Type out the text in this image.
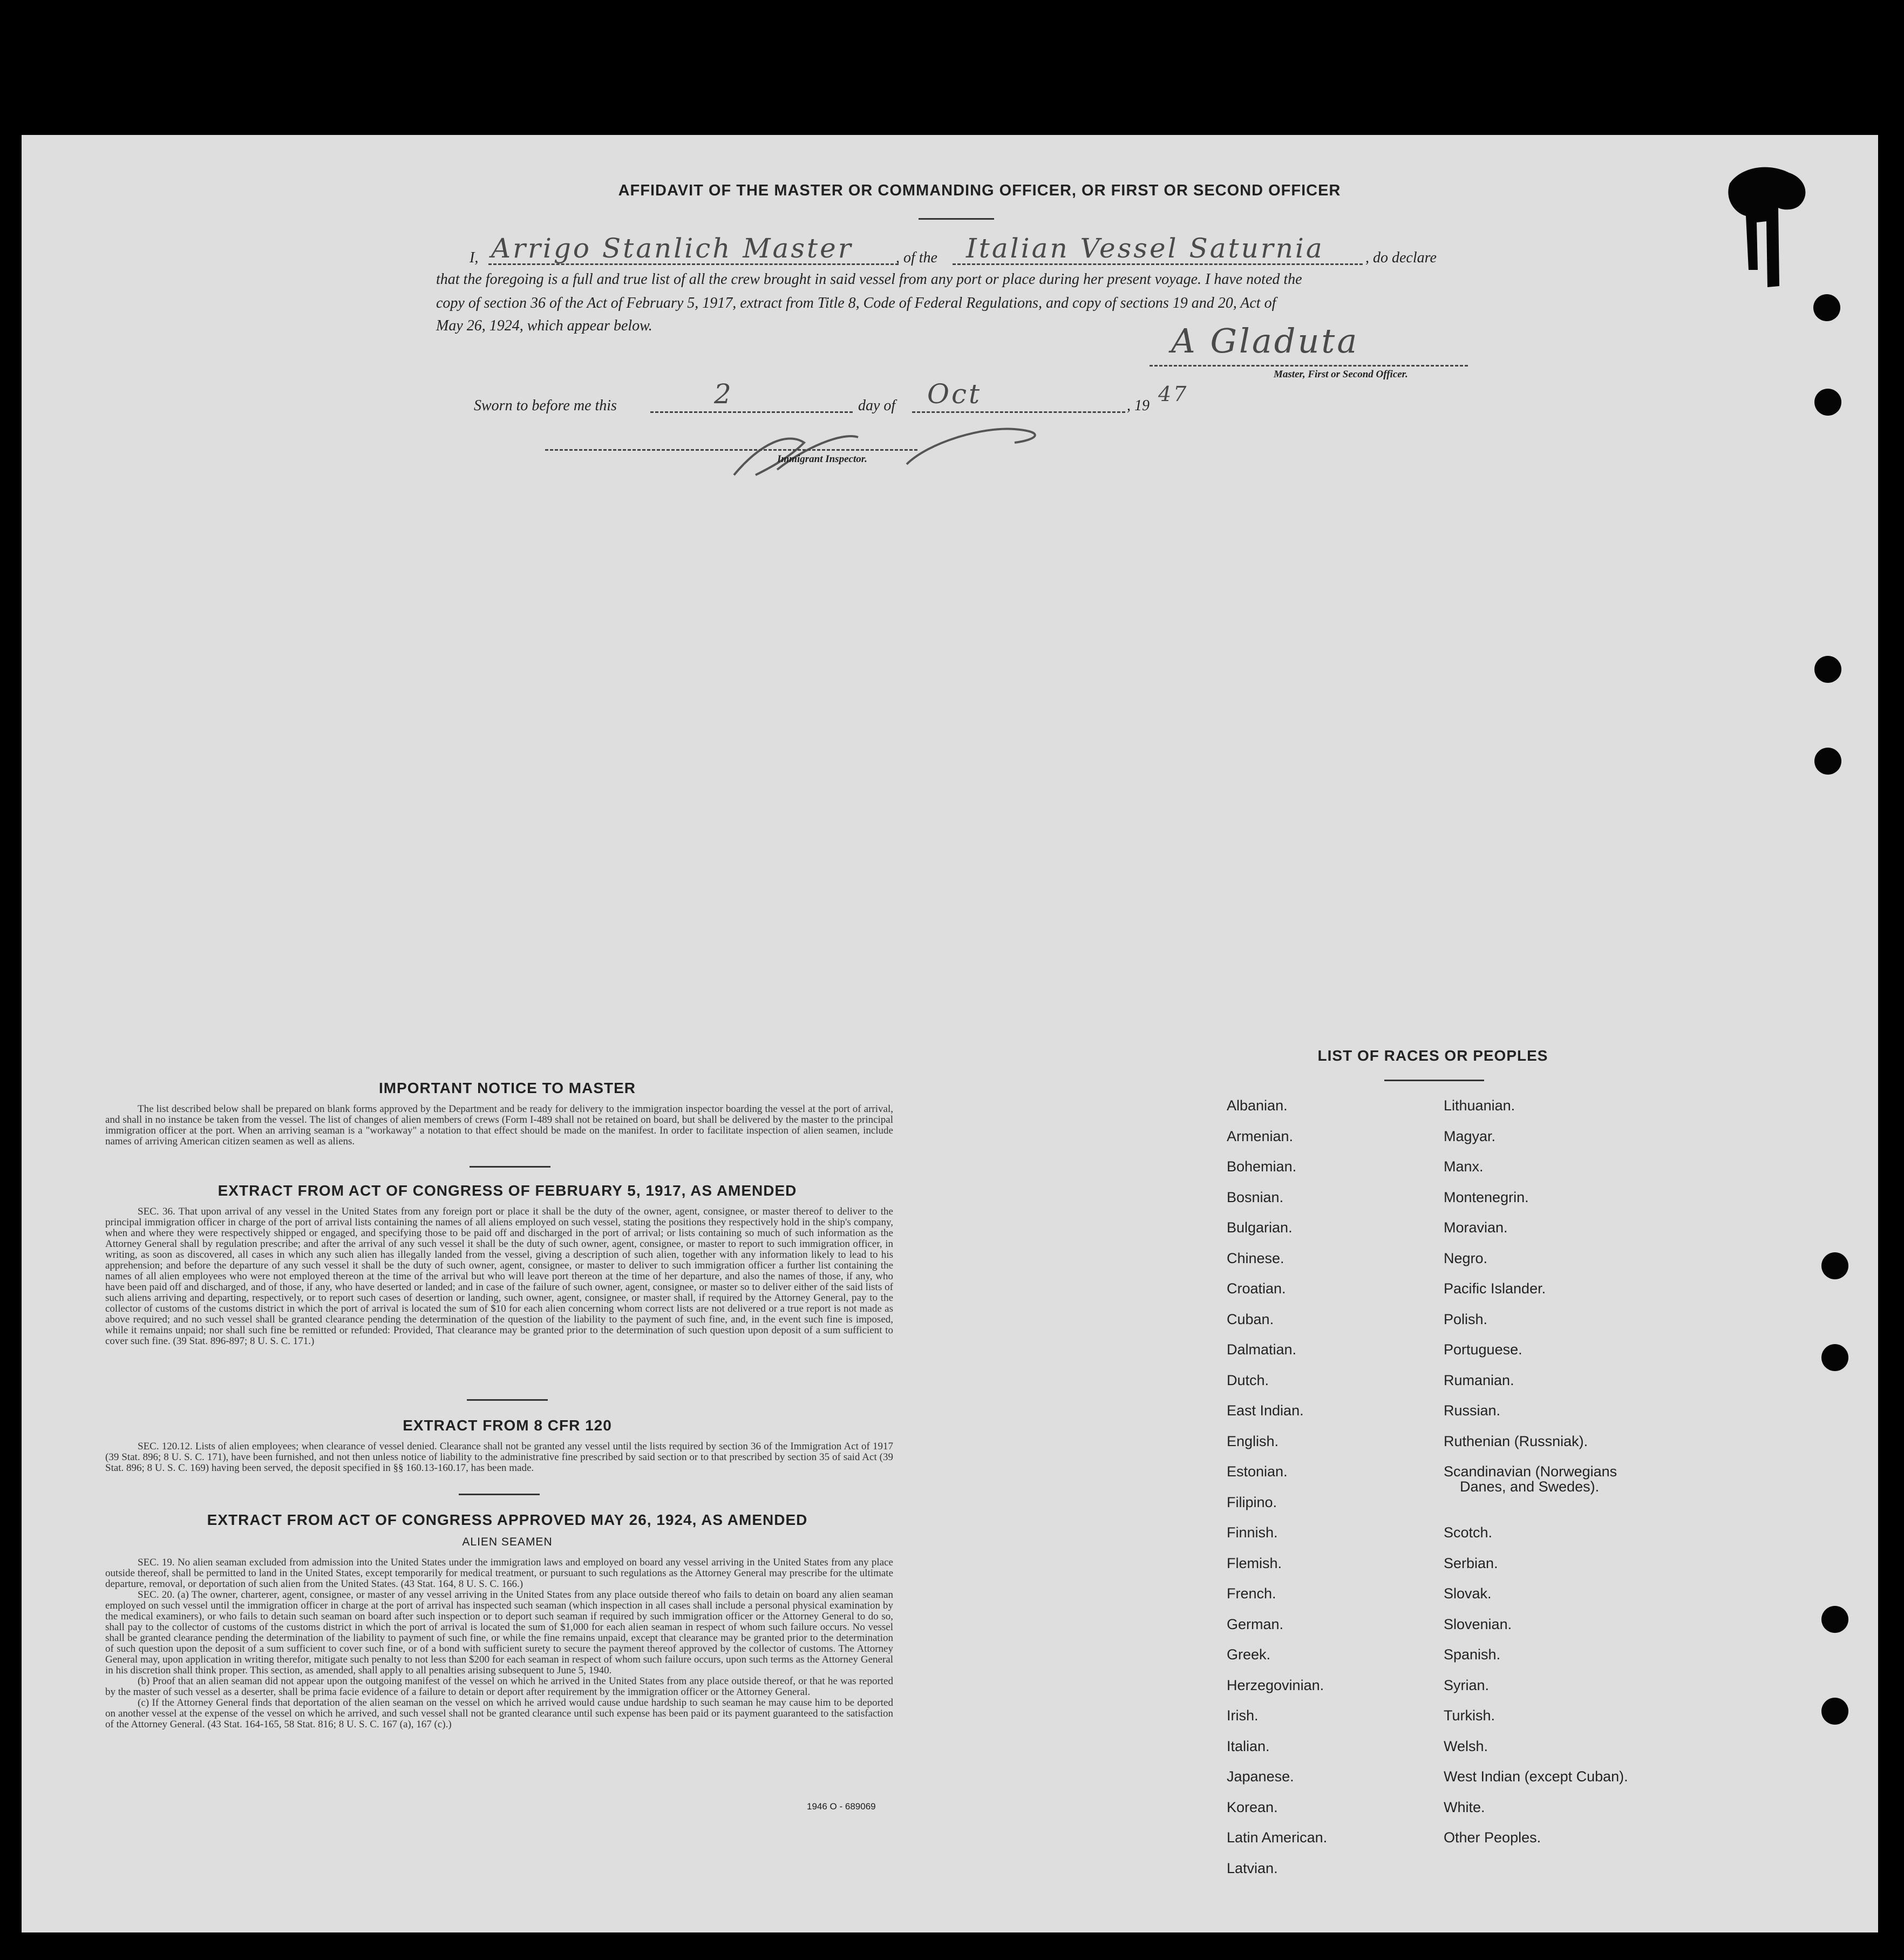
AFFIDAVIT OF THE MASTER OR COMMANDING OFFICER, OR FIRST OR SECOND OFFICER
I, Arrigo Stanlich Master	, of the Italian Vessel Saturnia	, do declare
that the foregoing is a full and true list of all the crew brought in said vessel from any port or place during her present voyage. I have noted the
copy of section 36 of the Act of February 5, 1917, extract from Title 8, Code of Federal Regulations, and copy of sections 19 and 20, Act of
May 26, 1924, which appear below.	A Gladuta
Master, First or Second Officer.
Sworn to before me this	2	day of Oct	, 19 47
Immigrant Inspector.
IMPORTANT NOTICE TO MASTER
The list described below shall be prepared on blank forms approved by the Department and be ready for delivery to the immigration inspector boarding the vessel at the port of arrival, and shall in no instance be taken from the vessel. The list of changes of alien members of crews (Form I-489 shall not be retained on board, but shall be delivered by the master to the principal immigration officer at the port. When an arriving seaman is a "workaway" a notation to that effect should be made on the manifest. In order to facilitate inspection of alien seamen, include names of arriving American citizen seamen as well as aliens.
EXTRACT FROM ACT OF CONGRESS OF FEBRUARY 5, 1917, AS AMENDED
SEC. 36. That upon arrival of any vessel in the United States from any foreign port or place it shall be the duty of the owner, agent, consignee, or master thereof to deliver to the principal immigration officer in charge of the port of arrival lists containing the names of all aliens employed on such vessel, stating the positions they respectively hold in the ship's company, when and where they were respectively shipped or engaged, and specifying those to be paid off and discharged in the port of arrival; or lists containing so much of such information as the Attorney General shall by regulation prescribe; and after the arrival of any such vessel it shall be the duty of such owner, agent, consignee, or master to report to such immigration officer, in writing, as soon as discovered, all cases in which any such alien has illegally landed from the vessel, giving a description of such alien, together with any information likely to lead to his apprehension; and before the departure of any such vessel it shall be the duty of such owner, agent, consignee, or master to deliver to such immigration officer a further list containing the names of all alien employees who were not employed thereon at the time of the arrival but who will leave port thereon at the time of her departure, and also the names of those, if any, who have been paid off and discharged, and of those, if any, who have deserted or landed; and in case of the failure of such owner, agent, consignee, or master so to deliver either of the said lists of such aliens arriving and departing, respectively, or to report such cases of desertion or landing, such owner, agent, consignee, or master shall, if required by the Attorney General, pay to the collector of customs of the customs district in which the port of arrival is located the sum of $10 for each alien concerning whom correct lists are not delivered or a true report is not made as above required; and no such vessel shall be granted clearance pending the determination of the question of the liability to the payment of such fine, and, in the event such fine is imposed, while it remains unpaid; nor shall such fine be remitted or refunded: Provided, That clearance may be granted prior to the determination of such question upon deposit of a sum sufficient to cover such fine. (39 Stat. 896-897; 8 U. S. C. 171.)
EXTRACT FROM 8 CFR 120
SEC. 120.12. Lists of alien employees; when clearance of vessel denied. Clearance shall not be granted any vessel until the lists required by section 36 of the Immigration Act of 1917 (39 Stat. 896; 8 U. S. C. 171), have been furnished, and not then unless notice of liability to the administrative fine prescribed by said section or to that prescribed by section 35 of said Act (39 Stat. 896; 8 U. S. C. 169) having been served, the deposit specified in §§ 160.13-160.17, has been made.
EXTRACT FROM ACT OF CONGRESS APPROVED MAY 26, 1924, AS AMENDED
ALIEN SEAMEN
SEC. 19. No alien seaman excluded from admission into the United States under the immigration laws and employed on board any vessel arriving in the United States from any place outside thereof, shall be permitted to land in the United States, except temporarily for medical treatment, or pursuant to such regulations as the Attorney General may prescribe for the ultimate departure, removal, or deportation of such alien from the United States. (43 Stat. 164, 8 U. S. C. 166.)
SEC. 20. (a) The owner, charterer, agent, consignee, or master of any vessel arriving in the United States from any place outside thereof who fails to detain on board any alien seaman employed on such vessel until the immigration officer in charge at the port of arrival has inspected such seaman (which inspection in all cases shall include a personal physical examination by the medical examiners), or who fails to detain such seaman on board after such inspection or to deport such seaman if required by such immigration officer or the Attorney General to do so, shall pay to the collector of customs of the customs district in which the port of arrival is located the sum of $1,000 for each alien seaman in respect of whom such failure occurs. No vessel shall be granted clearance pending the determination of the liability to payment of such fine, or while the fine remains unpaid, except that clearance may be granted prior to the determination of such question upon the deposit of a sum sufficient to cover such fine, or of a bond with sufficient surety to secure the payment thereof approved by the collector of customs. The Attorney General may, upon application in writing therefor, mitigate such penalty to not less than $200 for each seaman in respect of whom such failure occurs, upon such terms as the Attorney General in his discretion shall think proper. This section, as amended, shall apply to all penalties arising subsequent to June 5, 1940.
(b) Proof that an alien seaman did not appear upon the outgoing manifest of the vessel on which he arrived in the United States from any place outside thereof, or that he was reported by the master of such vessel as a deserter, shall be prima facie evidence of a failure to detain or deport after requirement by the immigration officer or the Attorney General.
(c) If the Attorney General finds that deportation of the alien seaman on the vessel on which he arrived would cause undue hardship to such seaman he may cause him to be deported on another vessel at the expense of the vessel on which he arrived, and such vessel shall not be granted clearance until such expense has been paid or its payment guaranteed to the satisfaction of the Attorney General. (43 Stat. 164-165, 58 Stat. 816; 8 U. S. C. 167 (a), 167 (c).)
1946 O - 689069
LIST OF RACES OR PEOPLES
Albanian.
Armenian.
Bohemian.
Bosnian.
Bulgarian.
Chinese.
Croatian.
Cuban.
Dalmatian.
Dutch.
East Indian.
English.
Estonian.
Filipino.
Finnish.
Flemish.
French.
German.
Greek.
Herzegovinian.
Irish.
Italian.
Japanese.
Korean.
Latin American.
Latvian.
Lithuanian.
Magyar.
Manx.
Montenegrin.
Moravian.
Negro.
Pacific Islander.
Polish.
Portuguese.
Rumanian.
Russian.
Ruthenian (Russniak).
Scandinavian (Norwegians
Scotch.
Serbian.
Slovak.
Slovenian.
Spanish.
Syrian.
Turkish.
Welsh.
West Indian (except Cuban).
White.
Other Peoples.
Danes, and Swedes).
